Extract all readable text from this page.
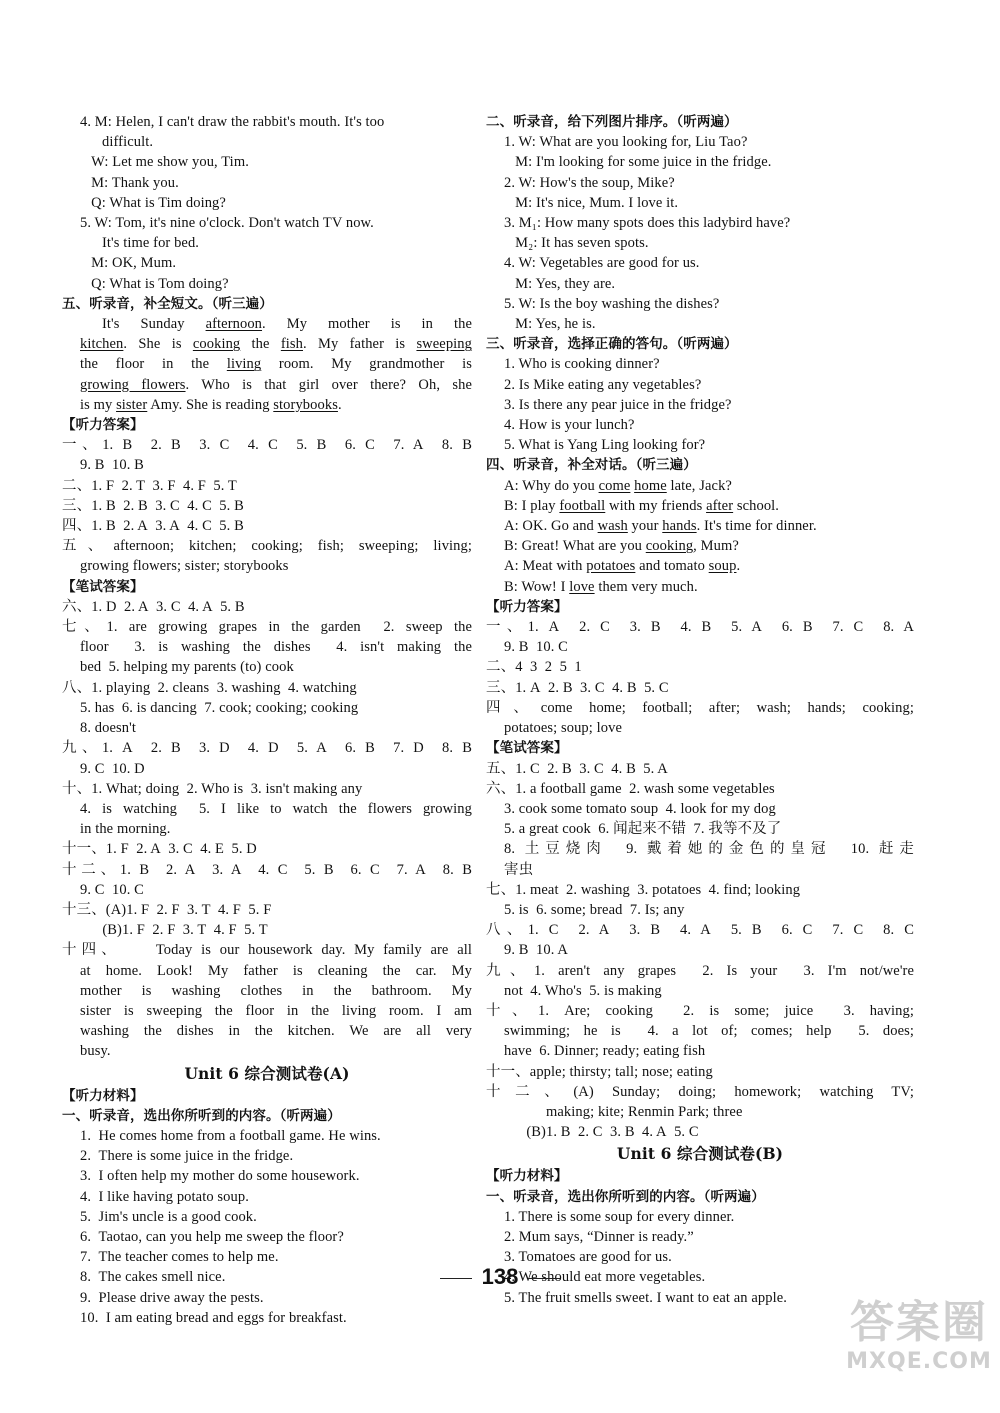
4. M: Helen, I can't draw the rabbit's mouth. It's too
difficult.
W: Let me show you, Tim.
M: Thank you.
Q: What is Tim doing?
5. W: Tom, it's nine o'clock. Don't watch TV now.
It's time for bed.
M: OK, Mum.
Q: What is Tom doing?
五、听录音，补全短文。（听三遍）
It's Sunday afternoon. My mother is in the
kitchen. She is cooking the fish. My father is sweeping
the floor in the living room. My grandmother is
growing flowers. Who is that girl over there? Oh, she
is my sister Amy. She is reading storybooks.
【听力答案】
一、1. B  2. B  3. C  4. C  5. B  6. C  7. A  8. B
9. B  10. B
二、1. F  2. T  3. F  4. F  5. T
三、1. B  2. B  3. C  4. C  5. B
四、1. B  2. A  3. A  4. C  5. B
五、afternoon; kitchen; cooking; fish; sweeping; living;
growing flowers; sister; storybooks
【笔试答案】
六、1. D  2. A  3. C  4. A  5. B
七、1. are growing grapes in the garden  2. sweep the
floor  3. is washing the dishes  4. isn't making the
bed  5. helping my parents (to) cook
八、1. playing  2. cleans  3. washing  4. watching
5. has  6. is dancing  7. cook; cooking; cooking
8. doesn't
九、1. A  2. B  3. D  4. D  5. A  6. B  7. D  8. B
9. C  10. D
十、1. What; doing  2. Who is  3. isn't making any
4. is watching  5. I like to watch the flowers growing
in the morning.
十一、1. F  2. A  3. C  4. E  5. D
十二、1. B  2. A  3. A  4. C  5. B  6. C  7. A  8. B
9. C  10. C
十三、(A)1. F  2. F  3. T  4. F  5. F
(B)1. F  2. F  3. T  4. F  5. T
十四、    Today is our housework day. My family are all
at home. Look! My father is cleaning the car. My
mother is washing clothes in the bathroom. My
sister is sweeping the floor in the living room. I am
washing the dishes in the kitchen. We are all very
busy.
Unit 6 综合测试卷(A)
【听力材料】
一、听录音，选出你所听到的内容。（听两遍）
1.  He comes home from a football game. He wins.
2.  There is some juice in the fridge.
3.  I often help my mother do some housework.
4.  I like having potato soup.
5.  Jim's uncle is a good cook.
6.  Taotao, can you help me sweep the floor?
7.  The teacher comes to help me.
8.  The cakes smell nice.
9.  Please drive away the pests.
10.  I am eating bread and eggs for breakfast.
二、听录音，给下列图片排序。（听两遍）
1. W: What are you looking for, Liu Tao?
M: I'm looking for some juice in the fridge.
2. W: How's the soup, Mike?
M: It's nice, Mum. I love it.
3. M₁: How many spots does this ladybird have?
M₂: It has seven spots.
4. W: Vegetables are good for us.
M: Yes, they are.
5. W: Is the boy washing the dishes?
M: Yes, he is.
三、听录音，选择正确的答句。（听两遍）
1. Who is cooking dinner?
2. Is Mike eating any vegetables?
3. Is there any pear juice in the fridge?
4. How is your lunch?
5. What is Yang Ling looking for?
四、听录音，补全对话。（听三遍）
A: Why do you come home late, Jack?
B: I play football with my friends after school.
A: OK. Go and wash your hands. It's time for dinner.
B: Great! What are you cooking, Mum?
A: Meat with potatoes and tomato soup.
B: Wow! I love them very much.
【听力答案】
一、1. A  2. C  3. B  4. B  5. A  6. B  7. C  8. A
9. B  10. C
二、4  3  2  5  1
三、1. A  2. B  3. C  4. B  5. C
四、come home; football; after; wash; hands; cooking;
potatoes; soup; love
【笔试答案】
五、1. C  2. B  3. C  4. B  5. A
六、1. a football game  2. wash some vegetables
3. cook some tomato soup  4. look for my dog
5. a great cook  6. 闻起来不错  7. 我等不及了
8. 土豆烧肉  9. 戴着她的金色的皇冠  10. 赶走
害虫
七、1. meat  2. washing  3. potatoes  4. find; looking
5. is  6. some; bread  7. Is; any
八、1. C  2. A  3. B  4. A  5. B  6. C  7. C  8. C
9. B  10. A
九、1. aren't any grapes  2. Is your  3. I'm not/we're
not  4. Who's  5. is making
十、1. Are; cooking  2. is some; juice  3. having;
swimming; he is  4. a lot of; comes; help  5. does;
have  6. Dinner; ready; eating fish
十一、apple; thirsty; tall; nose; eating
十二、(A) Sunday; doing; homework; watching TV;
making; kite; Renmin Park; three
(B)1. B  2. C  3. B  4. A  5. C
Unit 6 综合测试卷(B)
【听力材料】
一、听录音，选出你所听到的内容。（听两遍）
1. There is some soup for every dinner.
2. Mum says, “Dinner is ready.”
3. Tomatoes are good for us.
4. We should eat more vegetables.
5. The fruit smells sweet. I want to eat an apple.
138
答案圈
MXQE.COM
